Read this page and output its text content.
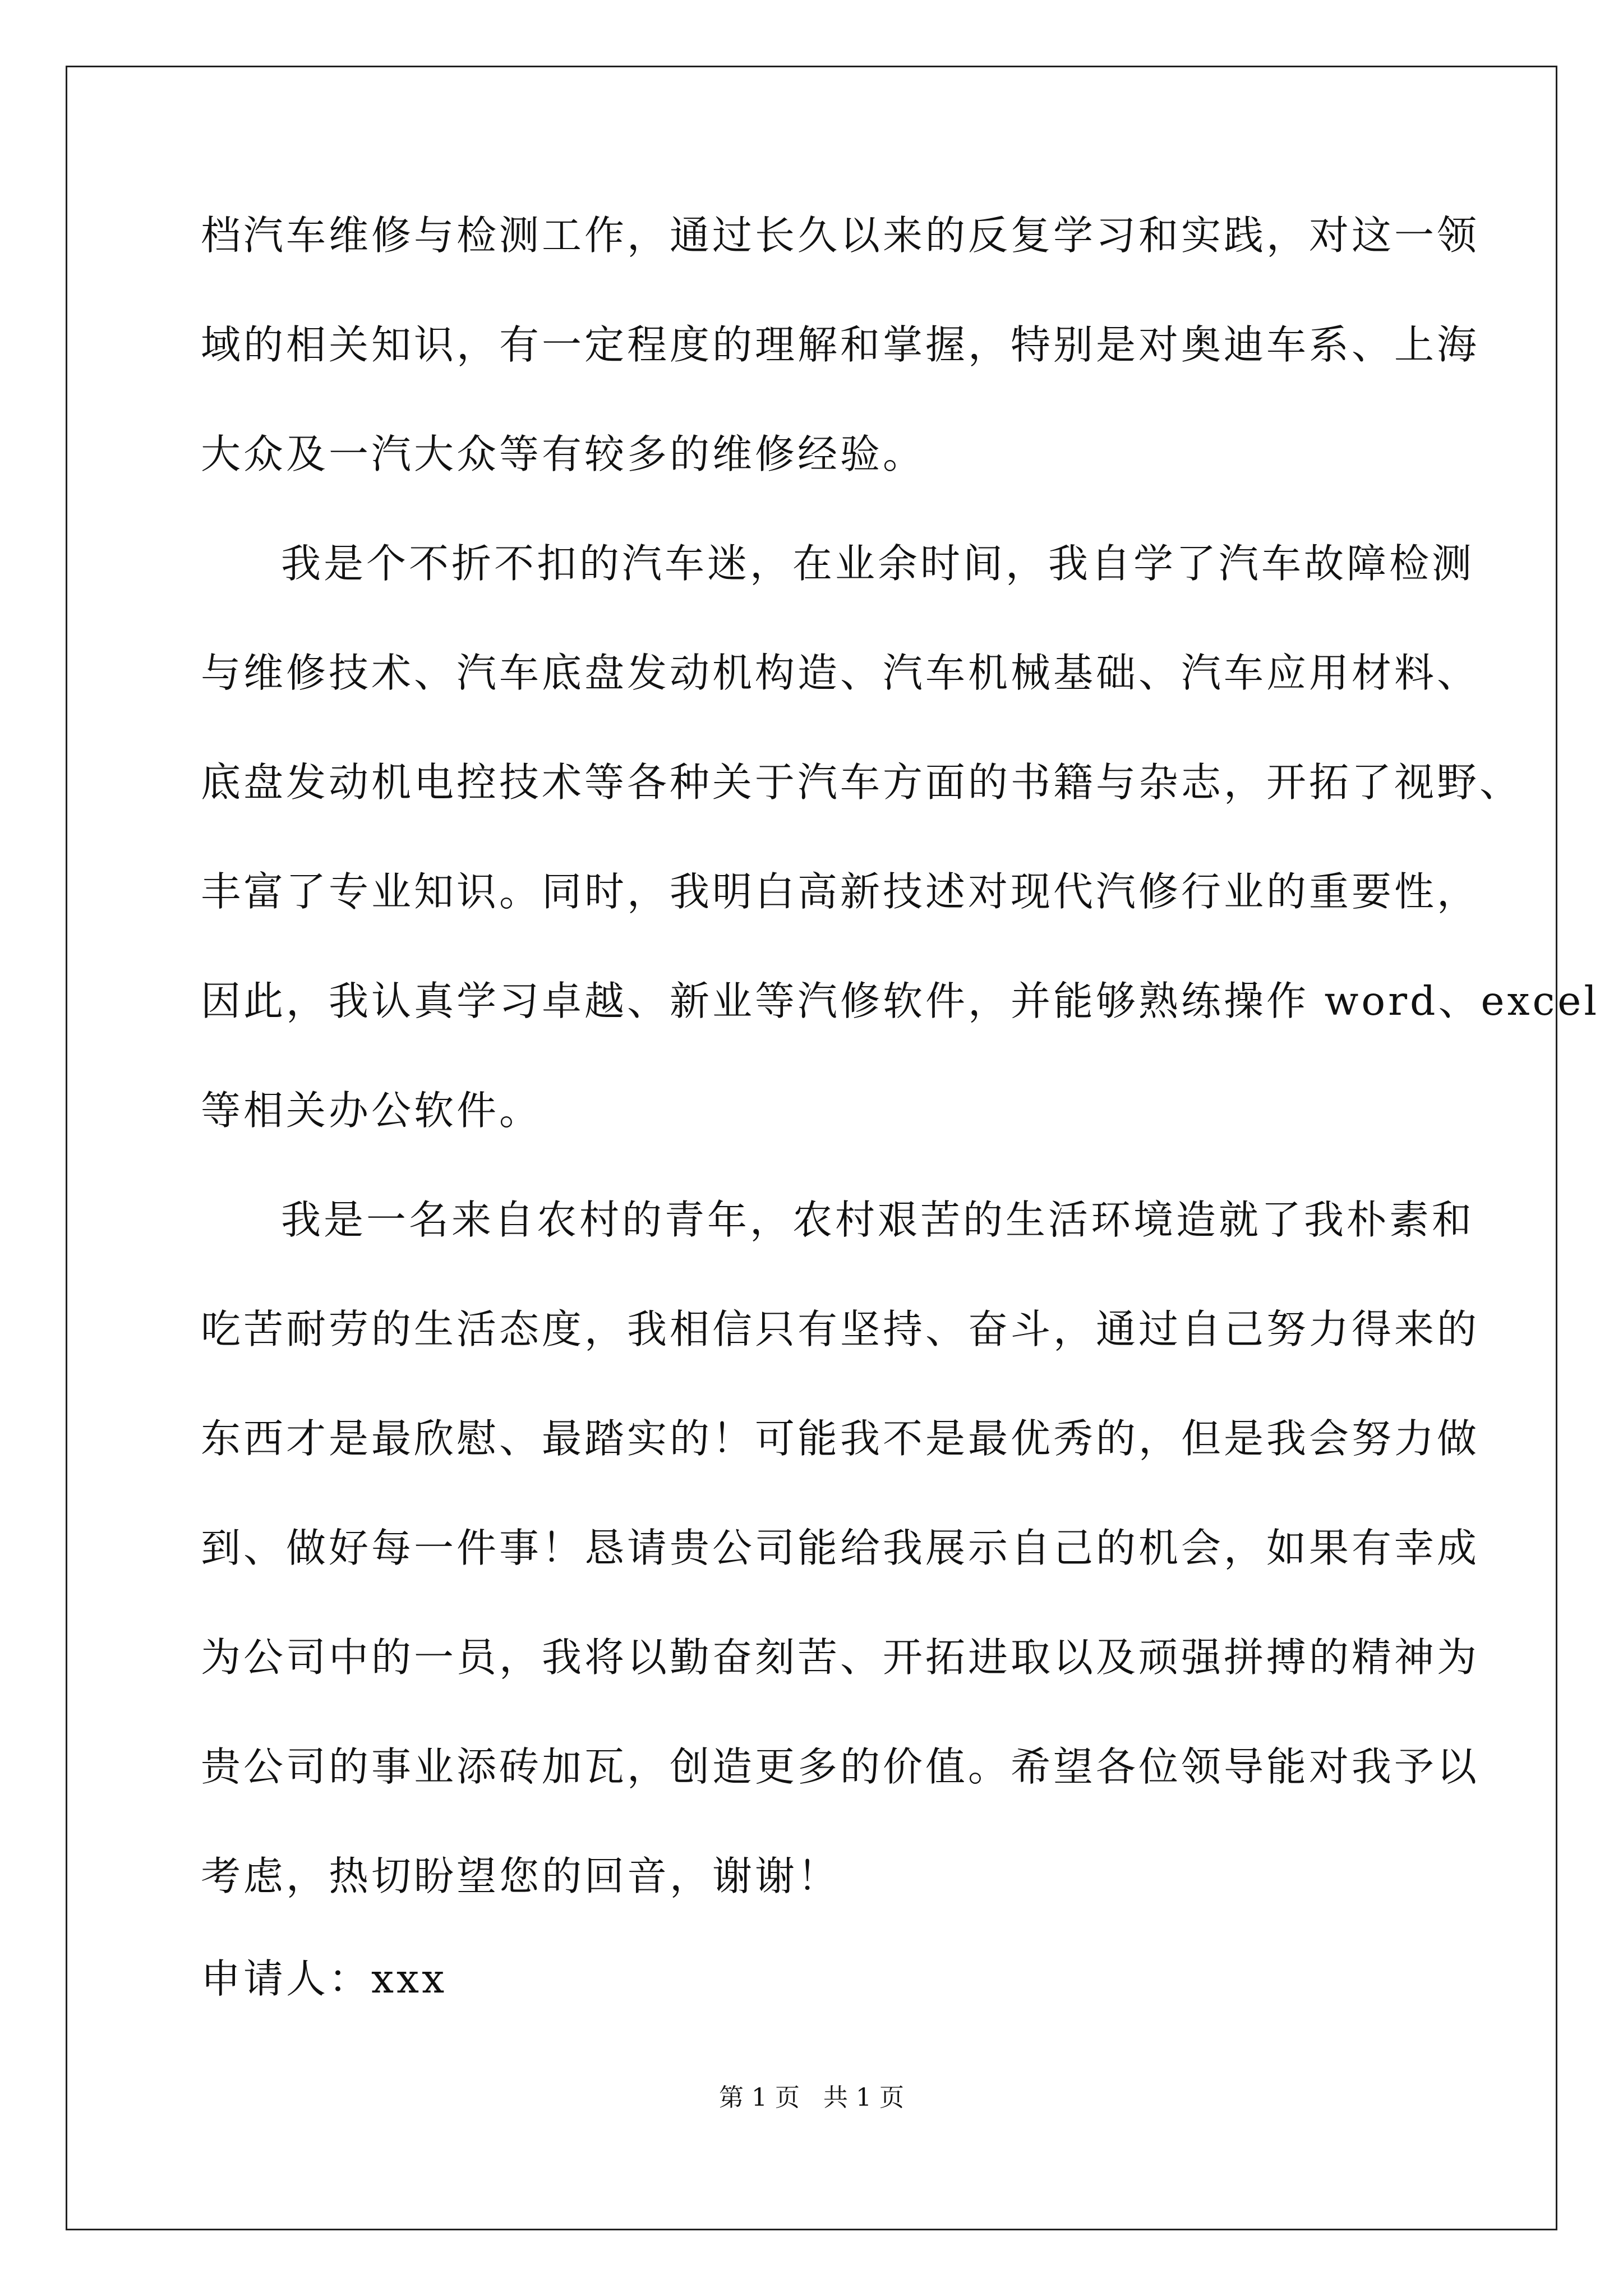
档汽车维修与检测工作，通过长久以来的反复学习和实践，对这一领
域的相关知识，有一定程度的理解和掌握，特别是对奥迪车系、上海
大众及一汽大众等有较多的维修经验。
我是个不折不扣的汽车迷，在业余时间，我自学了汽车故障检测
与维修技术、汽车底盘发动机构造、汽车机械基础、汽车应用材料、
底盘发动机电控技术等各种关于汽车方面的书籍与杂志，开拓了视野、
丰富了专业知识。同时，我明白高新技述对现代汽修行业的重要性，
因此，我认真学习卓越、新业等汽修软件，并能够熟练操作 word、excel
等相关办公软件。
我是一名来自农村的青年，农村艰苦的生活环境造就了我朴素和
吃苦耐劳的生活态度，我相信只有坚持、奋斗，通过自己努力得来的
东西才是最欣慰、最踏实的！可能我不是最优秀的，但是我会努力做
到、做好每一件事！恳请贵公司能给我展示自己的机会，如果有幸成
为公司中的一员，我将以勤奋刻苦、开拓进取以及顽强拼搏的精神为
贵公司的事业添砖加瓦，创造更多的价值。希望各位领导能对我予以
考虑，热切盼望您的回音，谢谢！
申请人：xxx
第 1 页   共 1 页
